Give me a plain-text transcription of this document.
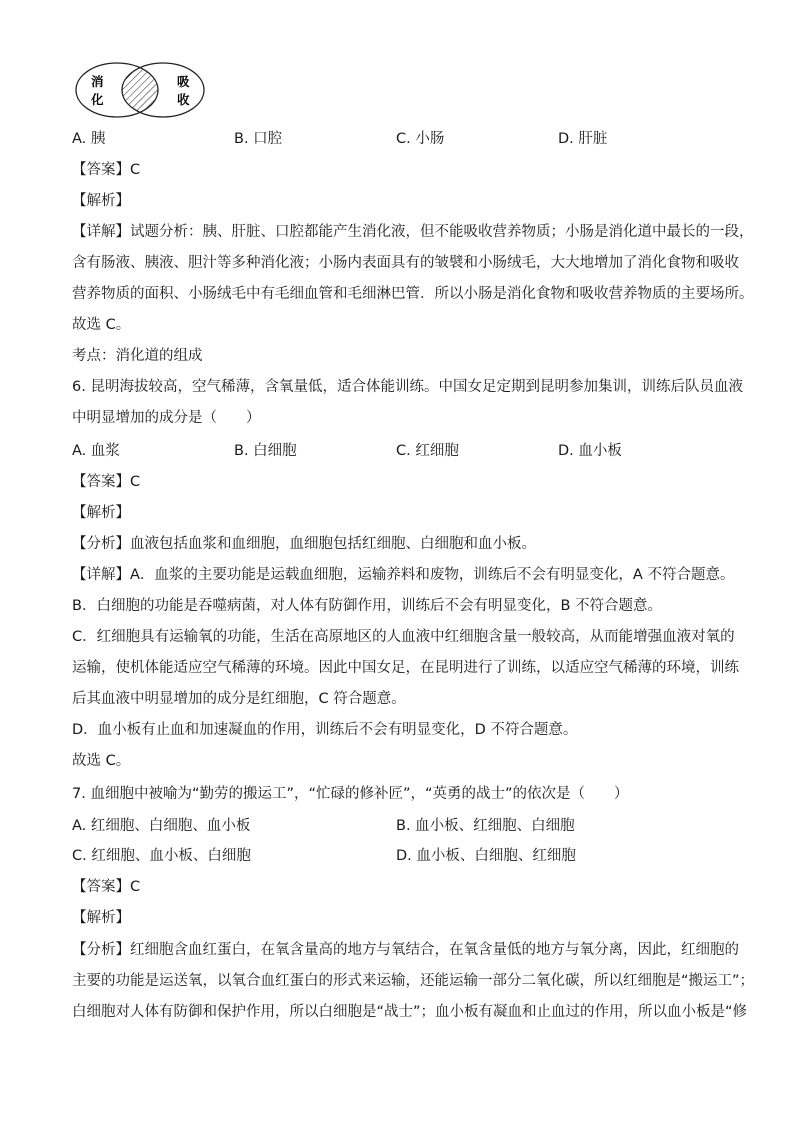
消
化
吸
收
A. 胰	B. 口腔	C. 小肠	D. 肝脏
【答案】C
【解析】
【详解】试题分析：胰、肝脏、口腔都能产生消化液，但不能吸收营养物质；小肠是消化道中最长的一段，
含有肠液、胰液、胆汁等多种消化液；小肠内表面具有的皱襞和小肠绒毛，大大地增加了消化食物和吸收
营养物质的面积、小肠绒毛中有毛细血管和毛细淋巴管．所以小肠是消化食物和吸收营养物质的主要场所。
故选 C。
考点：消化道的组成
6. 昆明海拔较高，空气稀薄，含氧量低，适合体能训练。中国女足定期到昆明参加集训，训练后队员血液
中明显增加的成分是（　　）
A. 血浆	B. 白细胞	C. 红细胞	D. 血小板
【答案】C
【解析】
【分析】血液包括血浆和血细胞，血细胞包括红细胞、白细胞和血小板。
【详解】A．血浆的主要功能是运载血细胞，运输养料和废物，训练后不会有明显变化，A 不符合题意。
B．白细胞的功能是吞噬病菌，对人体有防御作用，训练后不会有明显变化，B 不符合题意。
C．红细胞具有运输氧的功能，生活在高原地区的人血液中红细胞含量一般较高，从而能增强血液对氧的
运输，使机体能适应空气稀薄的环境。因此中国女足，在昆明进行了训练，以适应空气稀薄的环境，训练
后其血液中明显增加的成分是红细胞，C 符合题意。
D．血小板有止血和加速凝血的作用，训练后不会有明显变化，D 不符合题意。
故选 C。
7. 血细胞中被喻为“勤劳的搬运工”，“忙碌的修补匠”，“英勇的战士”的依次是（　　）
A. 红细胞、白细胞、血小板	B. 血小板、红细胞、白细胞
C. 红细胞、血小板、白细胞	D. 血小板、白细胞、红细胞
【答案】C
【解析】
【分析】红细胞含血红蛋白，在氧含量高的地方与氧结合，在氧含量低的地方与氧分离，因此，红细胞的
主要的功能是运送氧，以氧合血红蛋白的形式来运输，还能运输一部分二氧化碳，所以红细胞是“搬运工”；
白细胞对人体有防御和保护作用，所以白细胞是“战士”；血小板有凝血和止血过的作用，所以血小板是“修
